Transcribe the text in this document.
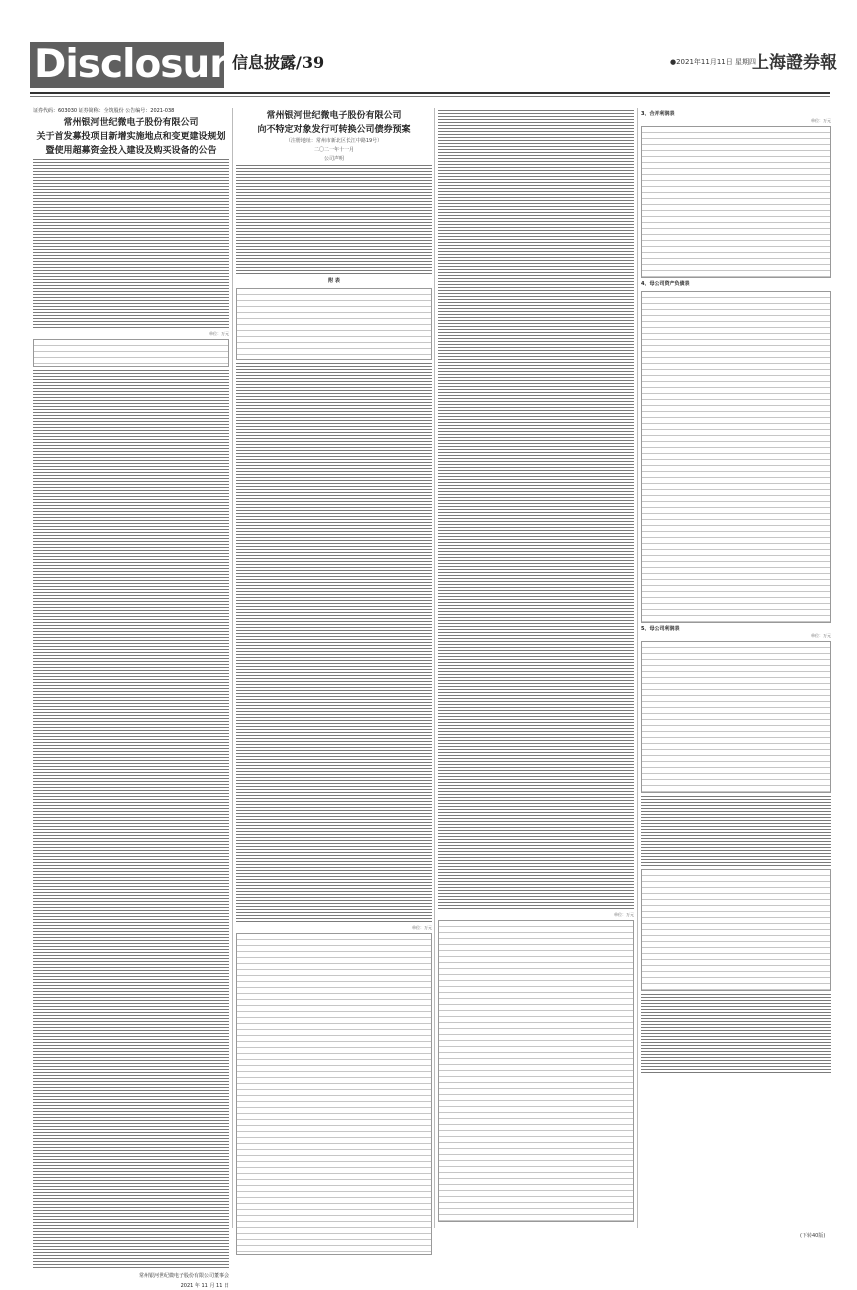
Disclosure
信息披露/39	●2021年11月11日 星期四
上海證券報
证券代码：603030 证券简称：全筑股份 公告编号：2021-038
常州银河世纪微电子股份有限公司
关于首发募投项目新增实施地点和变更建设规划
暨使用超募资金投入建设及购买设备的公告
单位：万元
常州银河世纪微电子股份有限公司董事会
2021 年 11 月 11 日
常州银河世纪微电子股份有限公司
向不特定对象发行可转换公司债券预案
（注册地址：常州市新北区长江中路19号）
二〇二一年十一月
公司声明
附 表
单位：万元
单位：万元
3、合并利润表
单位：万元
4、母公司资产负债表
5、母公司利润表
单位：万元
(下转40版)
